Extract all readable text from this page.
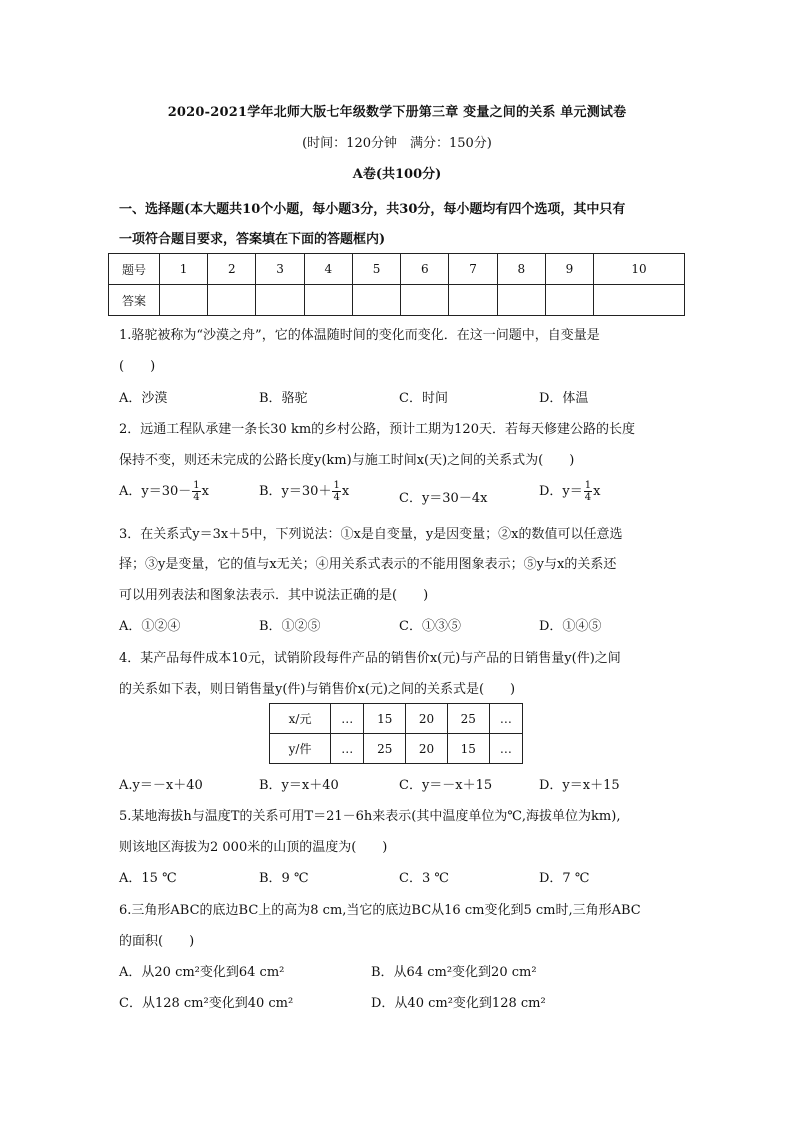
2020-2021学年北师大版七年级数学下册第三章 变量之间的关系 单元测试卷
(时间：120分钟　满分：150分)
A卷(共100分)
一、选择题(本大题共10个小题，每小题3分，共30分，每小题均有四个选项，其中只有
一项符合题目要求，答案填在下面的答题框内)
题号	1	2	3	4	5	6	7	8	9	10
答案										
1.骆驼被称为“沙漠之舟”，它的体温随时间的变化而变化．在这一问题中，自变量是
(　　)
A．沙漠	B．骆驼	C．时间	D．体温
2．远通工程队承建一条长30 km的乡村公路，预计工期为120天．若每天修建公路的长度
保持不变，则还未完成的公路长度y(km)与施工时间x(天)之间的关系式为(　　)
A．$y=30- \frac{1}{4}$ x	B．$y=30+ \frac{1}{4}$ x	C．y＝30－4x	D．$y= \frac{1}{4}$ x
3．在关系式y＝3x＋5中，下列说法：①x是自变量，y是因变量；②x的数值可以任意选
择；③y是变量，它的值与x无关；④用关系式表示的不能用图象表示；⑤y与x的关系还
可以用列表法和图象法表示．其中说法正确的是(　　)
A．①②④	B．①②⑤	C．①③⑤	D．①④⑤
4．某产品每件成本10元，试销阶段每件产品的销售价x(元)与产品的日销售量y(件)之间
的关系如下表，则日销售量y(件)与销售价x(元)之间的关系式是(　　)
x/元	…	15	20	25	…
y/件	…	25	20	15	…
A.y＝－x＋40	B．y＝x＋40	C．y＝－x＋15	D．y＝x＋15
5.某地海拔h与温度T的关系可用T＝21－6h来表示(其中温度单位为℃,海拔单位为km),
则该地区海拔为2 000米的山顶的温度为(　　)
A．15 ℃	B．9 ℃	C．3 ℃	D．7 ℃
6.三角形ABC的底边BC上的高为8 cm,当它的底边BC从16 cm变化到5 cm时,三角形ABC
的面积(　　)
A．从20 cm²变化到64 cm²	B．从64 cm²变化到20 cm²
C．从128 cm²变化到40 cm²	D．从40 cm²变化到128 cm²
